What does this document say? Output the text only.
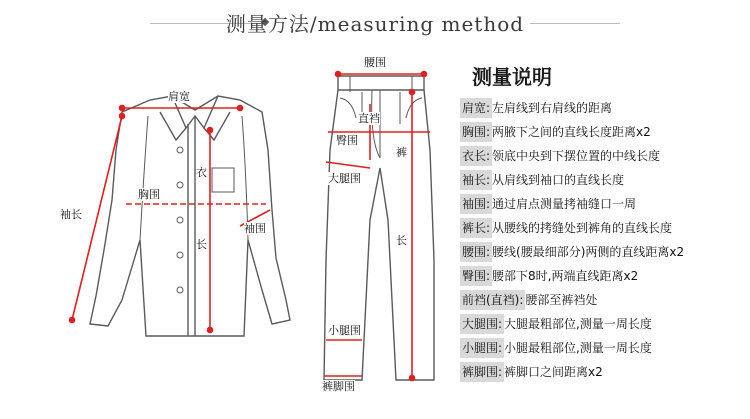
测量方法/measuring method
肩宽
胸围
衣
长
袖长
袖围
腰围
直裆
臀围
裤
大腿围
长
小腿围
裤脚围
测量说明
肩宽: 左肩线到右肩线的距离
胸围: 两腋下之间的直线长度距离x2
衣长: 领底中央到下摆位置的中线长度
袖长: 从肩线到袖口的直线长度
袖围: 通过肩点测量拷袖缝口一周
裤长: 从腰线的拷缝处到裤角的直线长度
腰围: 腰线(腰最细部分)两侧的直线距离x2
臀围: 腰部下8时,两端直线距离x2
前裆(直裆): 腰部至裤裆处
大腿围: 大腿最粗部位,测量一周长度
小腿围: 小腿最粗部位,测量一周长度
裤脚围: 裤脚口之间距离x2
